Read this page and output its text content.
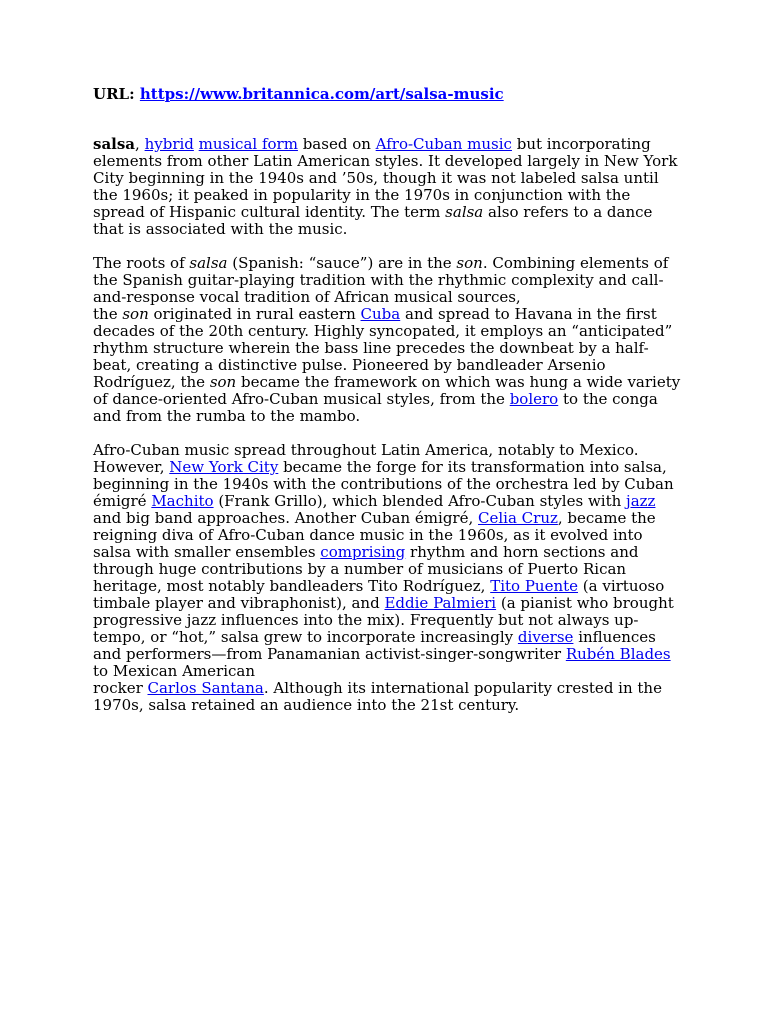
URL: https://www.britannica.com/art/salsa-music

salsa, hybrid musical form based on Afro-Cuban music but incorporating elements from other Latin American styles. It developed largely in New York City beginning in the 1940s and ’50s, though it was not labeled salsa until the 1960s; it peaked in popularity in the 1970s in conjunction with the spread of Hispanic cultural identity. The term salsa also refers to a dance that is associated with the music.

The roots of salsa (Spanish: “sauce”) are in the son. Combining elements of the Spanish guitar-playing tradition with the rhythmic complexity and call-and-response vocal tradition of African musical sources,
the son originated in rural eastern Cuba and spread to Havana in the first decades of the 20th century. Highly syncopated, it employs an “anticipated” rhythm structure wherein the bass line precedes the downbeat by a half-beat, creating a distinctive pulse. Pioneered by bandleader Arsenio Rodríguez, the son became the framework on which was hung a wide variety of dance-oriented Afro-Cuban musical styles, from the bolero to the conga and from the rumba to the mambo.

Afro-Cuban music spread throughout Latin America, notably to Mexico. However, New York City became the forge for its transformation into salsa, beginning in the 1940s with the contributions of the orchestra led by Cuban émigré Machito (Frank Grillo), which blended Afro-Cuban styles with jazz and big band approaches. Another Cuban émigré, Celia Cruz, became the reigning diva of Afro-Cuban dance music in the 1960s, as it evolved into salsa with smaller ensembles comprising rhythm and horn sections and through huge contributions by a number of musicians of Puerto Rican heritage, most notably bandleaders Tito Rodríguez, Tito Puente (a virtuoso timbale player and vibraphonist), and Eddie Palmieri (a pianist who brought progressive jazz influences into the mix). Frequently but not always up-tempo, or “hot,” salsa grew to incorporate increasingly diverse influences and performers—from Panamanian activist-singer-songwriter Rubén Blades to Mexican American
rocker Carlos Santana. Although its international popularity crested in the 1970s, salsa retained an audience into the 21st century.
